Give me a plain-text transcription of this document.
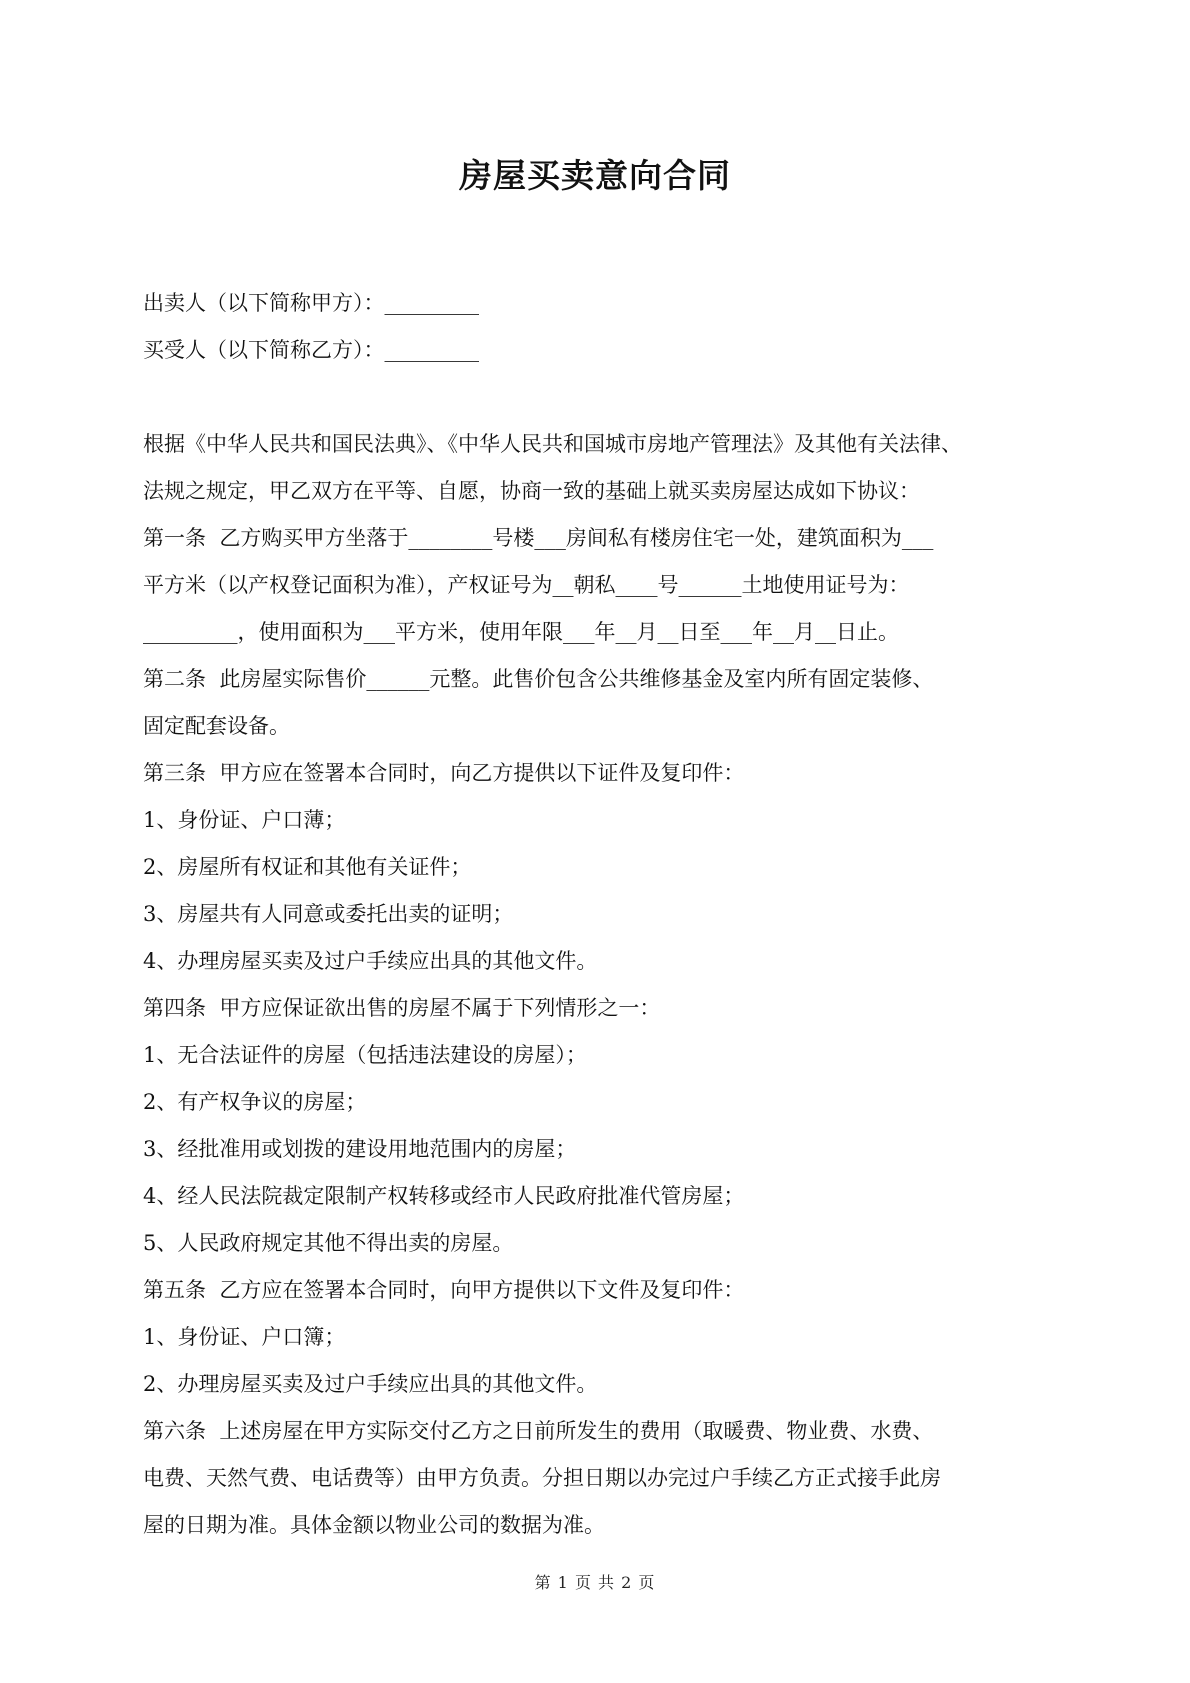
房屋买卖意向合同
出卖人（以下简称甲方）：_________
买受人（以下简称乙方）：_________
根据《中华人民共和国民法典》、《中华人民共和国城市房地产管理法》及其他有关法律、
法规之规定，甲乙双方在平等、自愿，协商一致的基础上就买卖房屋达成如下协议：
第一条  乙方购买甲方坐落于________号楼___房间私有楼房住宅一处，建筑面积为___
平方米（以产权登记面积为准），产权证号为__朝私____号______土地使用证号为：
_________，使用面积为___平方米，使用年限___年__月__日至___年__月__日止。
第二条  此房屋实际售价______元整。此售价包含公共维修基金及室内所有固定装修、
固定配套设备。
第三条  甲方应在签署本合同时，向乙方提供以下证件及复印件：
1、身份证、户口薄；
2、房屋所有权证和其他有关证件；
3、房屋共有人同意或委托出卖的证明；
4、办理房屋买卖及过户手续应出具的其他文件。
第四条  甲方应保证欲出售的房屋不属于下列情形之一：
1、无合法证件的房屋（包括违法建设的房屋）；
2、有产权争议的房屋；
3、经批准用或划拨的建设用地范围内的房屋；
4、经人民法院裁定限制产权转移或经市人民政府批准代管房屋；
5、人民政府规定其他不得出卖的房屋。
第五条  乙方应在签署本合同时，向甲方提供以下文件及复印件：
1、身份证、户口簿；
2、办理房屋买卖及过户手续应出具的其他文件。
第六条  上述房屋在甲方实际交付乙方之日前所发生的费用（取暖费、物业费、水费、
电费、天然气费、电话费等）由甲方负责。分担日期以办完过户手续乙方正式接手此房
屋的日期为准。具体金额以物业公司的数据为准。
第 1 页 共 2 页
